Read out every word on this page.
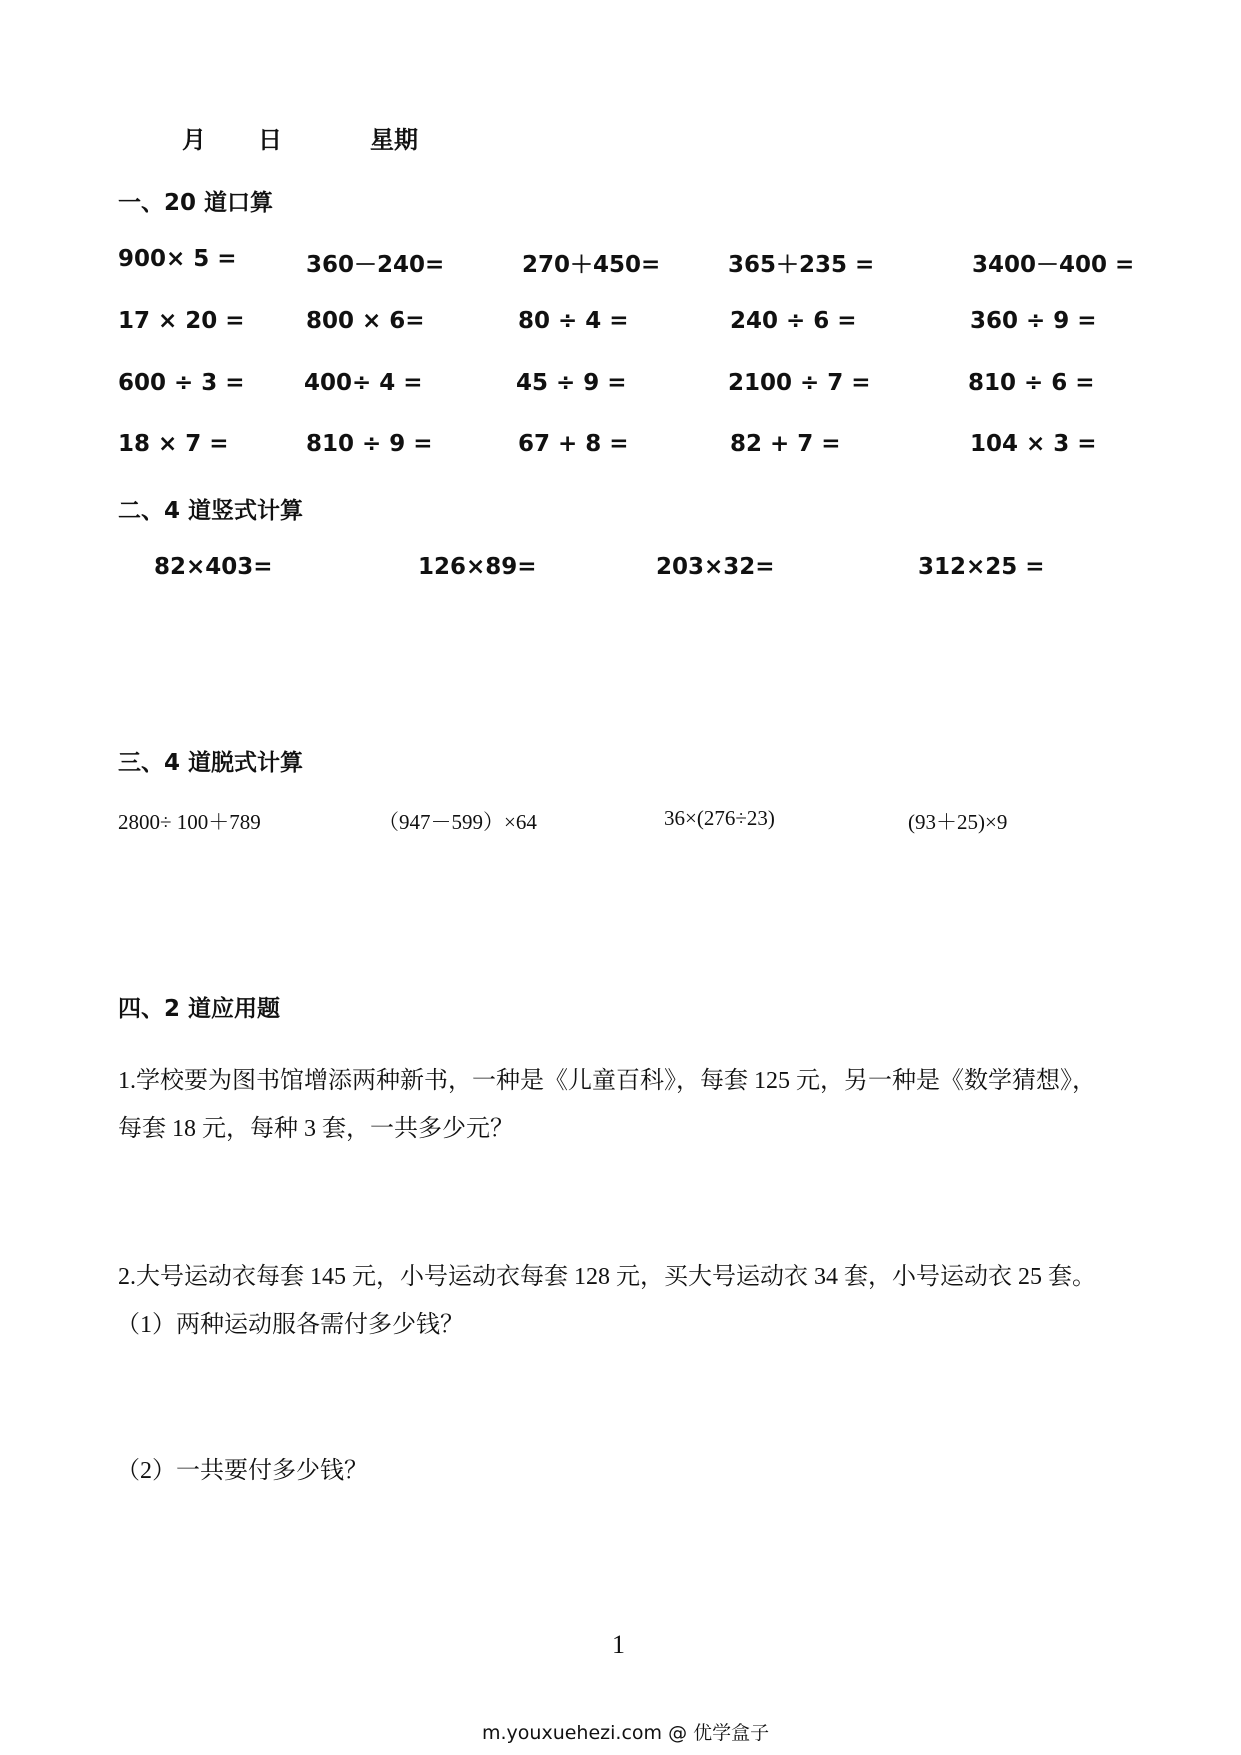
月 日	星期
一、20 道口算
900× 5 =	360－240=	270＋450=	365＋235 =	3400－400 =
17 × 20 =	800 × 6=	80 ÷ 4 =	240 ÷ 6 =	360 ÷ 9 =
600 ÷ 3 =	400÷ 4 =	45 ÷ 9 =	2100 ÷ 7 =	810 ÷ 6 =
18 × 7 =	810 ÷ 9 =	67 + 8 =	82 + 7 =	104 × 3 =
二、4 道竖式计算
82×403=	126×89=	203×32=	312×25 =
三、4 道脱式计算
2800÷ 100＋789	（947－599）×64	36×(276÷23)	(93＋25)×9
四、2 道应用题
1.学校要为图书馆增添两种新书，一种是《儿童百科》，每套 125 元，另一种是《数学猜想》，
每套 18 元，每种 3 套，一共多少元？
2.大号运动衣每套 145 元，小号运动衣每套 128 元，买大号运动衣 34 套，小号运动衣 25 套。
（1）两种运动服各需付多少钱？
（2）一共要付多少钱？
1
m.youxuehezi.com @ 优学盒子
